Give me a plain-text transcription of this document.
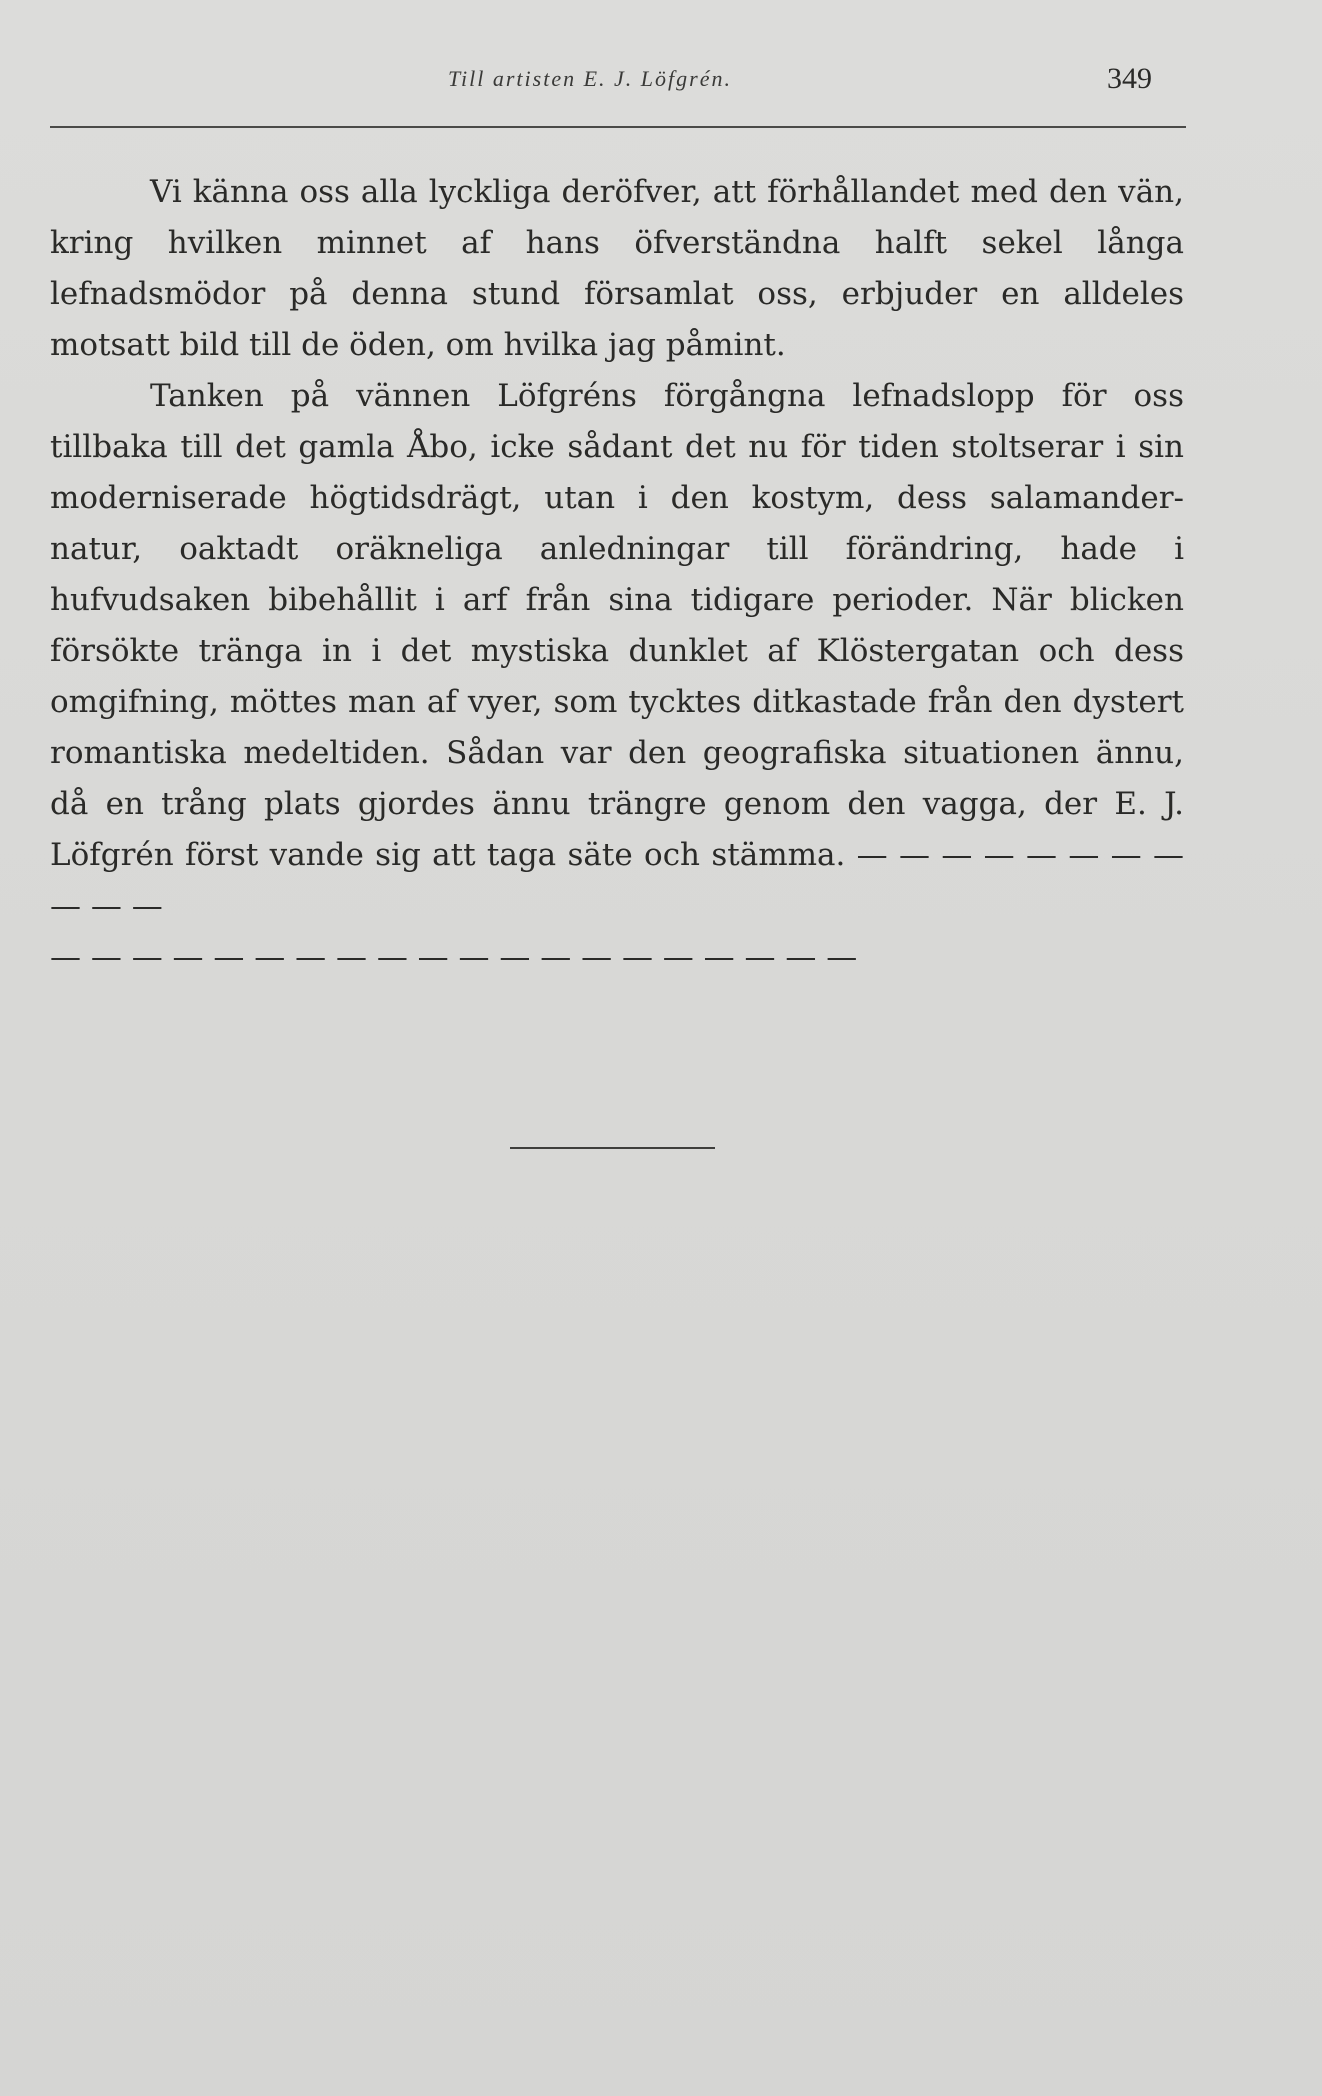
Till artisten E. J. Löfgrén.	349

Vi känna oss alla lyckliga deröfver, att förhållandet med den vän, kring hvilken minnet af hans öfverständna halft sekel långa lefnadsmödor på denna stund församlat oss, erbjuder en alldeles motsatt bild till de öden, om hvilka jag påmint.

Tanken på vännen Löfgréns förgångna lefnadslopp för oss tillbaka till det gamla Åbo, icke sådant det nu för tiden stoltserar i sin moderniserade högtidsdrägt, utan i den kostym, dess salamander-natur, oaktadt oräkneliga anledningar till förändring, hade i hufvudsaken bibehållit i arf från sina tidigare perioder. När blicken försökte tränga in i det mystiska dunklet af Klöstergatan och dess omgifning, möttes man af vyer, som tycktes ditkastade från den dystert romantiska medeltiden. Sådan var den geografiska situationen ännu, då en trång plats gjordes ännu trängre genom den vagga, der E. J. Löfgrén först vande sig att taga säte och stämma. — — — — — — — — — — —

— — — — — — — — — — — — — — — — — — — —
